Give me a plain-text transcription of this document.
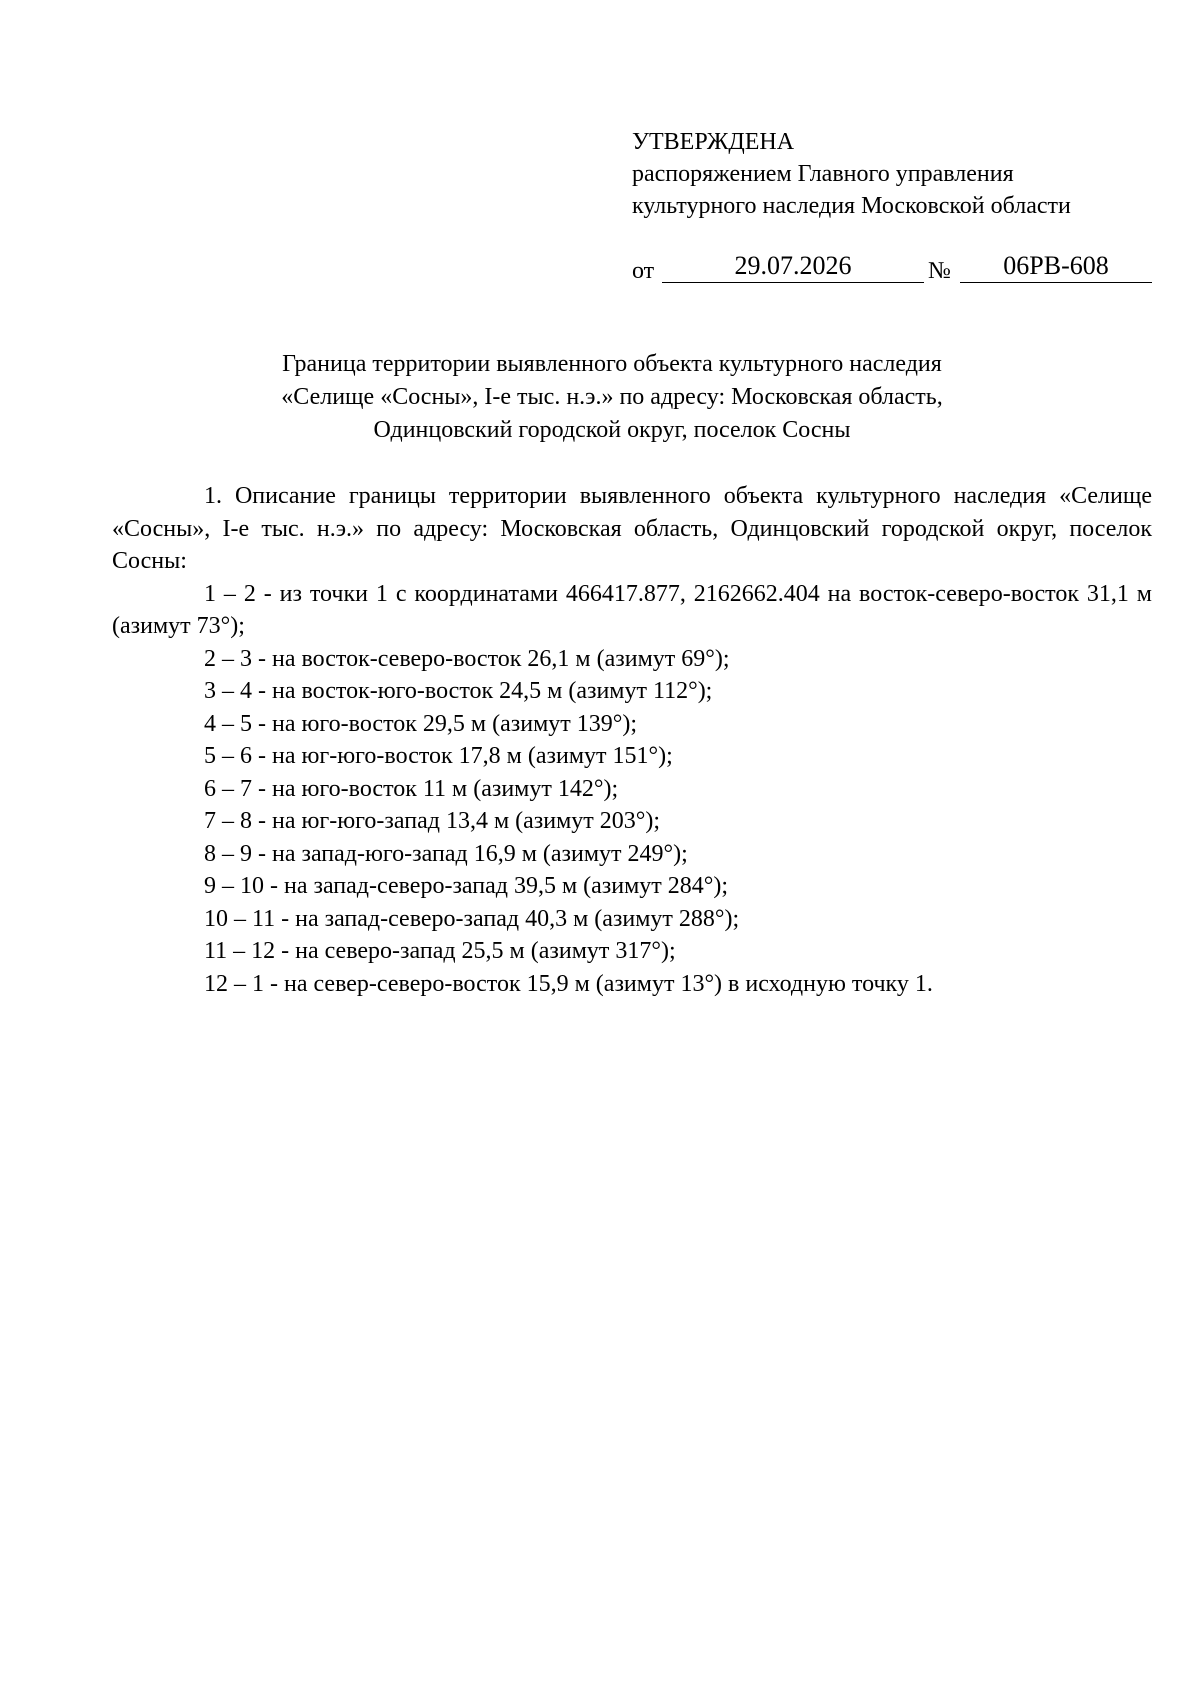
УТВЕРЖДЕНА
распоряжением Главного управления
культурного наследия Московской области
от	29.07.2026	№	06РВ-608
Граница территории выявленного объекта культурного наследия
«Селище «Сосны», I-е тыс. н.э.» по адресу: Московская область,
Одинцовский городской округ, поселок Сосны

1. Описание границы территории выявленного объекта культурного наследия «Селище «Сосны», I-е тыс. н.э.» по адресу: Московская область, Одинцовский городской округ, поселок Сосны:

1 – 2 - из точки 1 с координатами 466417.877, 2162662.404 на восток-северо-восток 31,1 м (азимут 73°);

2 – 3 - на восток-северо-восток 26,1 м (азимут 69°);

3 – 4 - на восток-юго-восток 24,5 м (азимут 112°);

4 – 5 - на юго-восток 29,5 м (азимут 139°);

5 – 6 - на юг-юго-восток 17,8 м (азимут 151°);

6 – 7 - на юго-восток 11 м (азимут 142°);

7 – 8 - на юг-юго-запад 13,4 м (азимут 203°);

8 – 9 - на запад-юго-запад 16,9 м (азимут 249°);

9 – 10 - на запад-северо-запад 39,5 м (азимут 284°);

10 – 11 - на запад-северо-запад 40,3 м (азимут 288°);

11 – 12 - на северо-запад 25,5 м (азимут 317°);

12 – 1 - на север-северо-восток 15,9 м (азимут 13°) в исходную точку 1.
